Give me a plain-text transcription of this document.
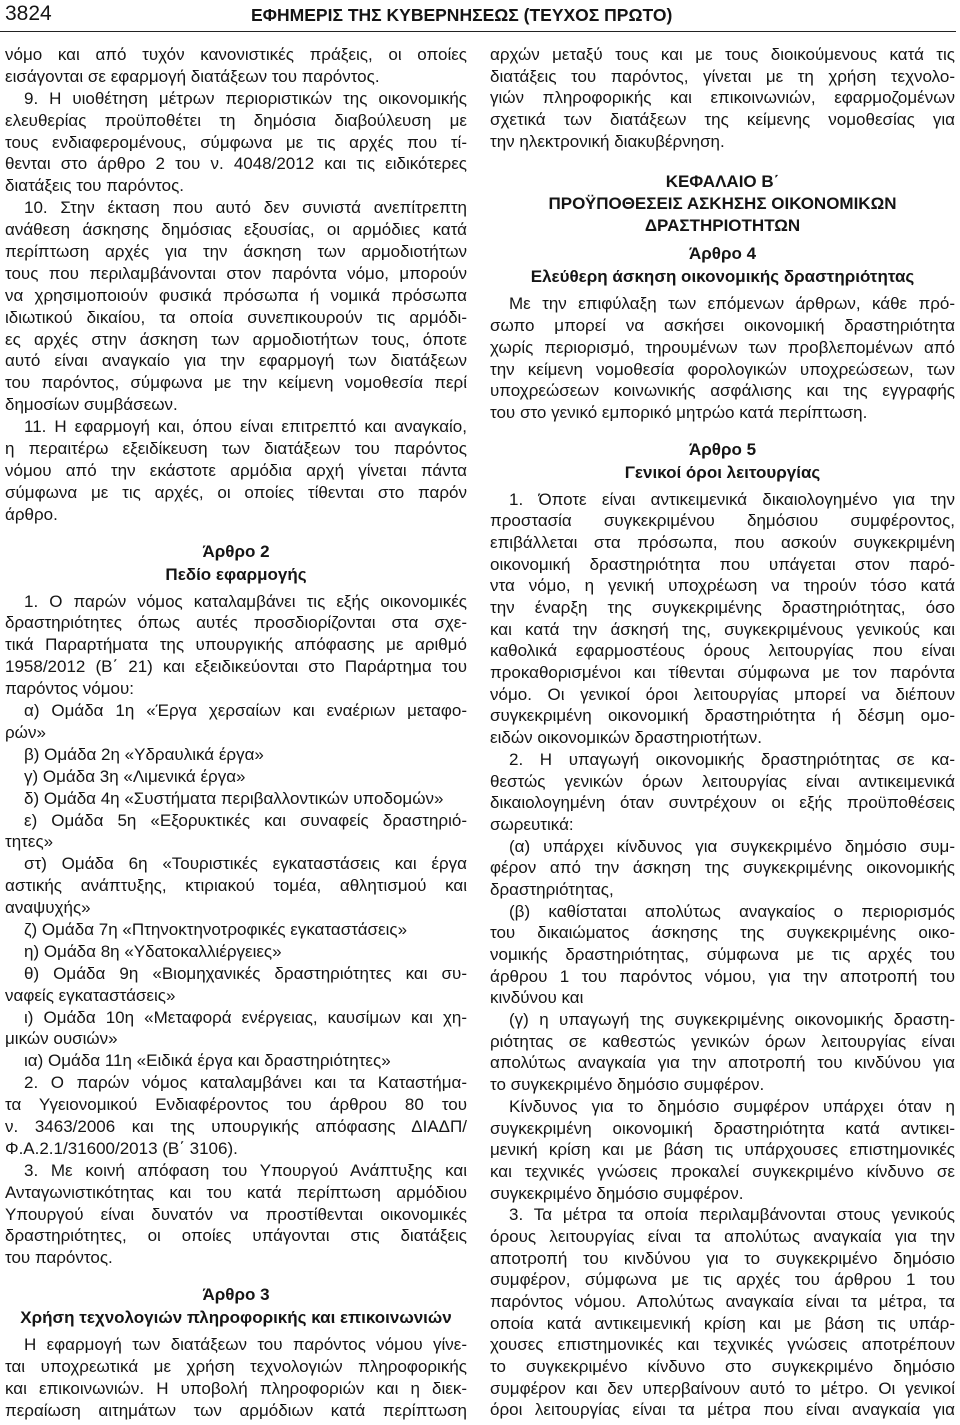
3824	ΕΦΗΜΕΡΙΣ ΤΗΣ ΚΥΒΕΡΝΗΣΕΩΣ (ΤΕΥΧΟΣ ΠΡΩΤΟ)
νόμο και από τυχόν κανονιστικές πράξεις, οι οποίες
εισάγονται σε εφαρμογή διατάξεων του παρόντος.
9. Η υιοθέτηση μέτρων περιοριστικών της οικονομικής
ελευθερίας προϋποθέτει τη δημόσια διαβούλευση με
τους ενδιαφερομένους, σύμφωνα με τις αρχές που τί-
θενται στο άρθρο 2 του ν. 4048/2012 και τις ειδικότερες
διατάξεις του παρόντος.
10. Στην έκταση που αυτό δεν συνιστά ανεπίτρεπτη
ανάθεση άσκησης δημόσιας εξουσίας, οι αρμόδιες κατά
περίπτωση αρχές για την άσκηση των αρμοδιοτήτων
τους που περιλαμβάνονται στον παρόντα νόμο, μπορούν
να χρησιμοποιούν φυσικά πρόσωπα ή νομικά πρόσωπα
ιδιωτικού δικαίου, τα οποία συνεπικουρούν τις αρμόδι-
ες αρχές στην άσκηση των αρμοδιοτήτων τους, όποτε
αυτό είναι αναγκαίο για την εφαρμογή των διατάξεων
του παρόντος, σύμφωνα με την κείμενη νομοθεσία περί
δημοσίων συμβάσεων.
11. Η εφαρμογή και, όπου είναι επιτρεπτό και αναγκαίο,
η περαιτέρω εξειδίκευση των διατάξεων του παρόντος
νόμου από την εκάστοτε αρμόδια αρχή γίνεται πάντα
σύμφωνα με τις αρχές, οι οποίες τίθενται στο παρόν
άρθρο.
Άρθρο 2
Πεδίο εφαρμογής
1. Ο παρών νόμος καταλαμβάνει τις εξής οικονομικές
δραστηριότητες όπως αυτές προσδιορίζονται στα σχε-
τικά Παραρτήματα της υπουργικής απόφασης με αριθμό
1958/2012 (Β΄ 21) και εξειδικεύονται στο Παράρτημα του
παρόντος νόμου:
α) Ομάδα 1η «Έργα χερσαίων και εναέριων μεταφο-
ρών»
β) Ομάδα 2η «Υδραυλικά έργα»
γ) Ομάδα 3η «Λιμενικά έργα»
δ) Ομάδα 4η «Συστήματα περιβαλλοντικών υποδομών»
ε) Ομάδα 5η «Εξορυκτικές και συναφείς δραστηριό-
τητες»
στ) Ομάδα 6η «Τουριστικές εγκαταστάσεις και έργα
αστικής ανάπτυξης, κτιριακού τομέα, αθλητισμού και
αναψυχής»
ζ) Ομάδα 7η «Πτηνοκτηνοτροφικές εγκαταστάσεις»
η) Ομάδα 8η «Υδατοκαλλιέργειες»
θ) Ομάδα 9η «Βιομηχανικές δραστηριότητες και συ-
ναφείς εγκαταστάσεις»
ι) Ομάδα 10η «Μεταφορά ενέργειας, καυσίμων και χη-
μικών ουσιών»
ια) Ομάδα 11η «Ειδικά έργα και δραστηριότητες»
2. Ο παρών νόμος καταλαμβάνει και τα Καταστήμα-
τα Υγειονομικού Ενδιαφέροντος του άρθρου 80 του
ν. 3463/2006 και της υπουργικής απόφασης ΔΙΑΔΠ/
Φ.Α.2.1/31600/2013 (Β΄ 3106).
3. Με κοινή απόφαση του Υπουργού Ανάπτυξης και
Ανταγωνιστικότητας και του κατά περίπτωση αρμόδιου
Υπουργού είναι δυνατόν να προστίθενται οικονομικές
δραστηριότητες, οι οποίες υπάγονται στις διατάξεις
του παρόντος.
Άρθρο 3
Χρήση τεχνολογιών πληροφορικής και επικοινωνιών
Η εφαρμογή των διατάξεων του παρόντος νόμου γίνε-
ται υποχρεωτικά με χρήση τεχνολογιών πληροφορικής
και επικοινωνιών. Η υποβολή πληροφοριών και η διεκ-
περαίωση αιτημάτων των αρμόδιων κατά περίπτωση
αρχών μεταξύ τους και με τους διοικούμενους κατά τις
διατάξεις του παρόντος, γίνεται με τη χρήση τεχνολο-
γιών πληροφορικής και επικοινωνιών, εφαρμοζομένων
σχετικά των διατάξεων της κείμενης νομοθεσίας για
την ηλεκτρονική διακυβέρνηση.
ΚΕΦΑΛΑΙΟ Β΄
ΠΡΟΫΠΟΘΕΣΕΙΣ ΑΣΚΗΣΗΣ ΟΙΚΟΝΟΜΙΚΩΝ
ΔΡΑΣΤΗΡΙΟΤΗΤΩΝ
Άρθρο 4
Ελεύθερη άσκηση οικονομικής δραστηριότητας
Με την επιφύλαξη των επόμενων άρθρων, κάθε πρό-
σωπο μπορεί να ασκήσει οικονομική δραστηριότητα
χωρίς περιορισμό, τηρουμένων των προβλεπομένων από
την κείμενη νομοθεσία φορολογικών υποχρεώσεων, των
υποχρεώσεων κοινωνικής ασφάλισης και της εγγραφής
του στο γενικό εμπορικό μητρώο κατά περίπτωση.
Άρθρο 5
Γενικοί όροι λειτουργίας
1. Όποτε είναι αντικειμενικά δικαιολογημένο για την
προστασία συγκεκριμένου δημόσιου συμφέροντος,
επιβάλλεται στα πρόσωπα, που ασκούν συγκεκριμένη
οικονομική δραστηριότητα που υπάγεται στον παρό-
ντα νόμο, η γενική υποχρέωση να τηρούν τόσο κατά
την έναρξη της συγκεκριμένης δραστηριότητας, όσο
και κατά την άσκησή της, συγκεκριμένους γενικούς και
καθολικά εφαρμοστέους όρους λειτουργίας που είναι
προκαθορισμένοι και τίθενται σύμφωνα με τον παρόντα
νόμο. Οι γενικοί όροι λειτουργίας μπορεί να διέπουν
συγκεκριμένη οικονομική δραστηριότητα ή δέσμη ομο-
ειδών οικονομικών δραστηριοτήτων.
2. Η υπαγωγή οικονομικής δραστηριότητας σε κα-
θεστώς γενικών όρων λειτουργίας είναι αντικειμενικά
δικαιολογημένη όταν συντρέχουν οι εξής προϋποθέσεις
σωρευτικά:
(α) υπάρχει κίνδυνος για συγκεκριμένο δημόσιο συμ-
φέρον από την άσκηση της συγκεκριμένης οικονομικής
δραστηριότητας,
(β) καθίσταται απολύτως αναγκαίος ο περιορισμός
του δικαιώματος άσκησης της συγκεκριμένης οικο-
νομικής δραστηριότητας, σύμφωνα με τις αρχές του
άρθρου 1 του παρόντος νόμου, για την αποτροπή του
κινδύνου και
(γ) η υπαγωγή της συγκεκριμένης οικονομικής δραστη-
ριότητας σε καθεστώς γενικών όρων λειτουργίας είναι
απολύτως αναγκαία για την αποτροπή του κινδύνου για
το συγκεκριμένο δημόσιο συμφέρον.
Κίνδυνος για το δημόσιο συμφέρον υπάρχει όταν η
συγκεκριμένη οικονομική δραστηριότητα κατά αντικει-
μενική κρίση και με βάση τις υπάρχουσες επιστημονικές
και τεχνικές γνώσεις προκαλεί συγκεκριμένο κίνδυνο σε
συγκεκριμένο δημόσιο συμφέρον.
3. Τα μέτρα τα οποία περιλαμβάνονται στους γενικούς
όρους λειτουργίας είναι τα απολύτως αναγκαία για την
αποτροπή του κινδύνου για το συγκεκριμένο δημόσιο
συμφέρον, σύμφωνα με τις αρχές του άρθρου 1 του
παρόντος νόμου. Απολύτως αναγκαία είναι τα μέτρα, τα
οποία κατά αντικειμενική κρίση και με βάση τις υπάρ-
χουσες επιστημονικές και τεχνικές γνώσεις αποτρέπουν
το συγκεκριμένο κίνδυνο στο συγκεκριμένο δημόσιο
συμφέρον και δεν υπερβαίνουν αυτό το μέτρο. Οι γενικοί
όροι λειτουργίας είναι τα μέτρα που είναι αναγκαία για
